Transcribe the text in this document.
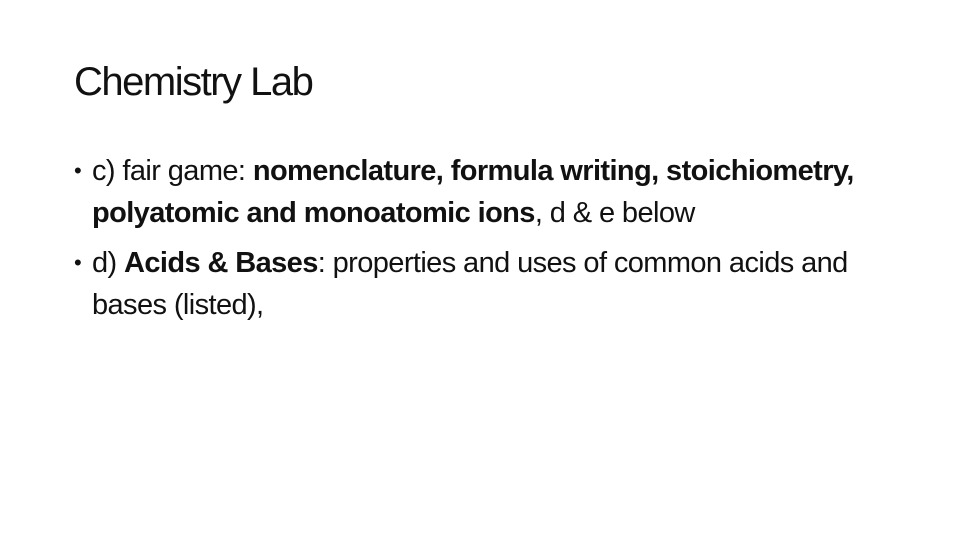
Chemistry Lab
• c) fair game: nomenclature, formula writing, stoichiometry, polyatomic and monoatomic ions, d & e below
• d) Acids & Bases: properties and uses of common acids and bases (listed),
